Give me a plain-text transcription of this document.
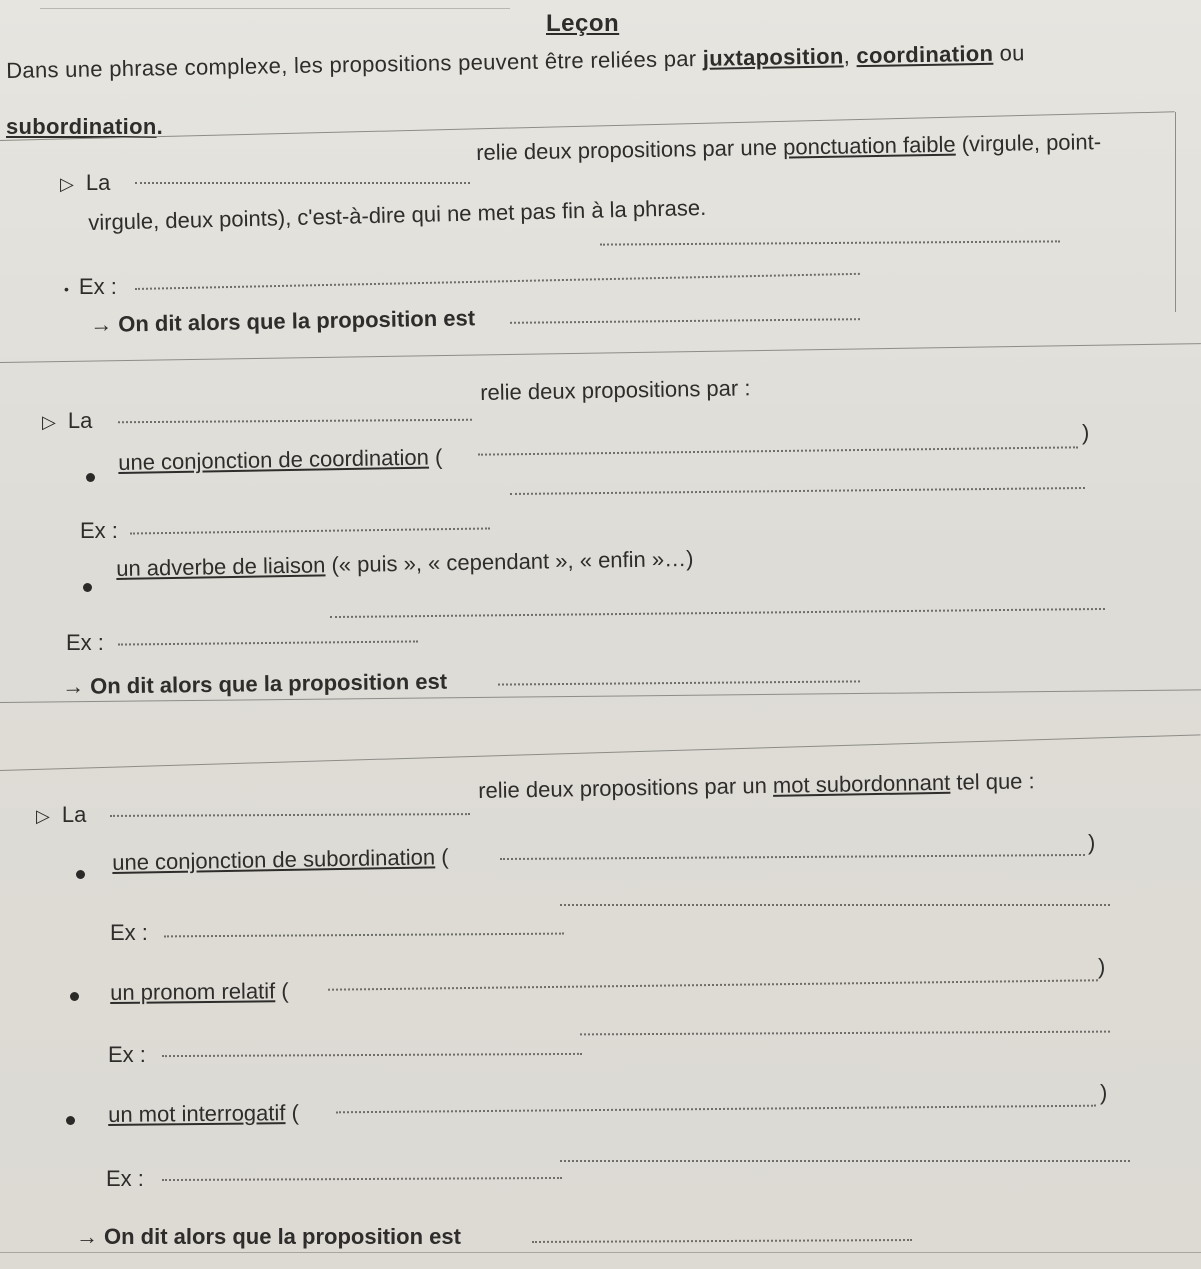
Leçon
Dans une phrase complexe, les propositions peuvent être reliées par juxtaposition, coordination ou
subordination.
▷ La
relie deux propositions par une ponctuation faible (virgule, point-
virgule, deux points), c'est-à-dire qui ne met pas fin à la phrase.
• Ex :
→ On dit alors que la proposition est
▷ La
relie deux propositions par :
une conjonction de coordination (
)
Ex :
un adverbe de liaison (« puis », « cependant », « enfin »…)
Ex :
→ On dit alors que la proposition est
▷ La
relie deux propositions par un mot subordonnant tel que :
une conjonction de subordination (
)
Ex :
un pronom relatif (
)
Ex :
un mot interrogatif (
)
Ex :
→ On dit alors que la proposition est
